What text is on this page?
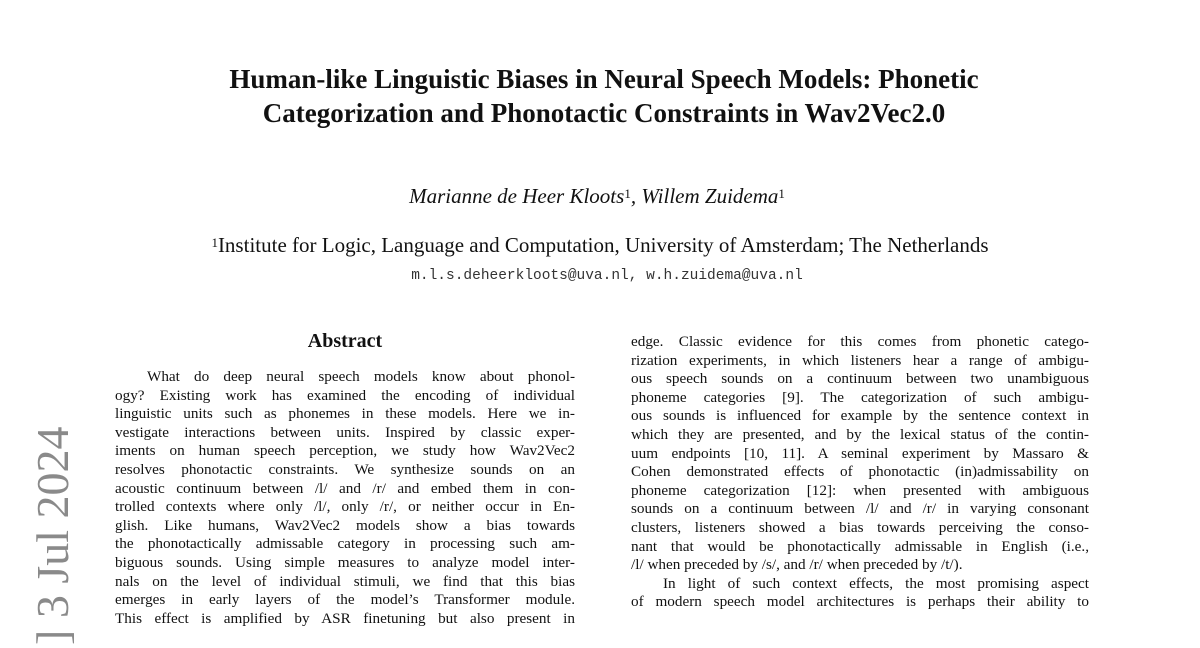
Human-like Linguistic Biases in Neural Speech Models: Phonetic
Categorization and Phonotactic Constraints in Wav2Vec2.0
Marianne de Heer Kloots$^1$, Willem Zuidema$^1$
$^1$Institute for Logic, Language and Computation, University of Amsterdam; The Netherlands
m.l.s.deheerkloots@uva.nl, w.h.zuidema@uva.nl
] 3 Jul 2024
Abstract
What do deep neural speech models know about phonol-
ogy? Existing work has examined the encoding of individual
linguistic units such as phonemes in these models. Here we in-
vestigate interactions between units. Inspired by classic exper-
iments on human speech perception, we study how Wav2Vec2
resolves phonotactic constraints. We synthesize sounds on an
acoustic continuum between /l/ and /r/ and embed them in con-
trolled contexts where only /l/, only /r/, or neither occur in En-
glish. Like humans, Wav2Vec2 models show a bias towards
the phonotactically admissable category in processing such am-
biguous sounds. Using simple measures to analyze model inter-
nals on the level of individual stimuli, we find that this bias
emerges in early layers of the model’s Transformer module.
This effect is amplified by ASR finetuning but also present in
edge. Classic evidence for this comes from phonetic catego-
rization experiments, in which listeners hear a range of ambigu-
ous speech sounds on a continuum between two unambiguous
phoneme categories [9]. The categorization of such ambigu-
ous sounds is influenced for example by the sentence context in
which they are presented, and by the lexical status of the contin-
uum endpoints [10, 11]. A seminal experiment by Massaro &
Cohen demonstrated effects of phonotactic (in)admissability on
phoneme categorization [12]: when presented with ambiguous
sounds on a continuum between /l/ and /r/ in varying consonant
clusters, listeners showed a bias towards perceiving the conso-
nant that would be phonotactically admissable in English (i.e.,
/l/ when preceded by /s/, and /r/ when preceded by /t/).
In light of such context effects, the most promising aspect
of modern speech model architectures is perhaps their ability to
